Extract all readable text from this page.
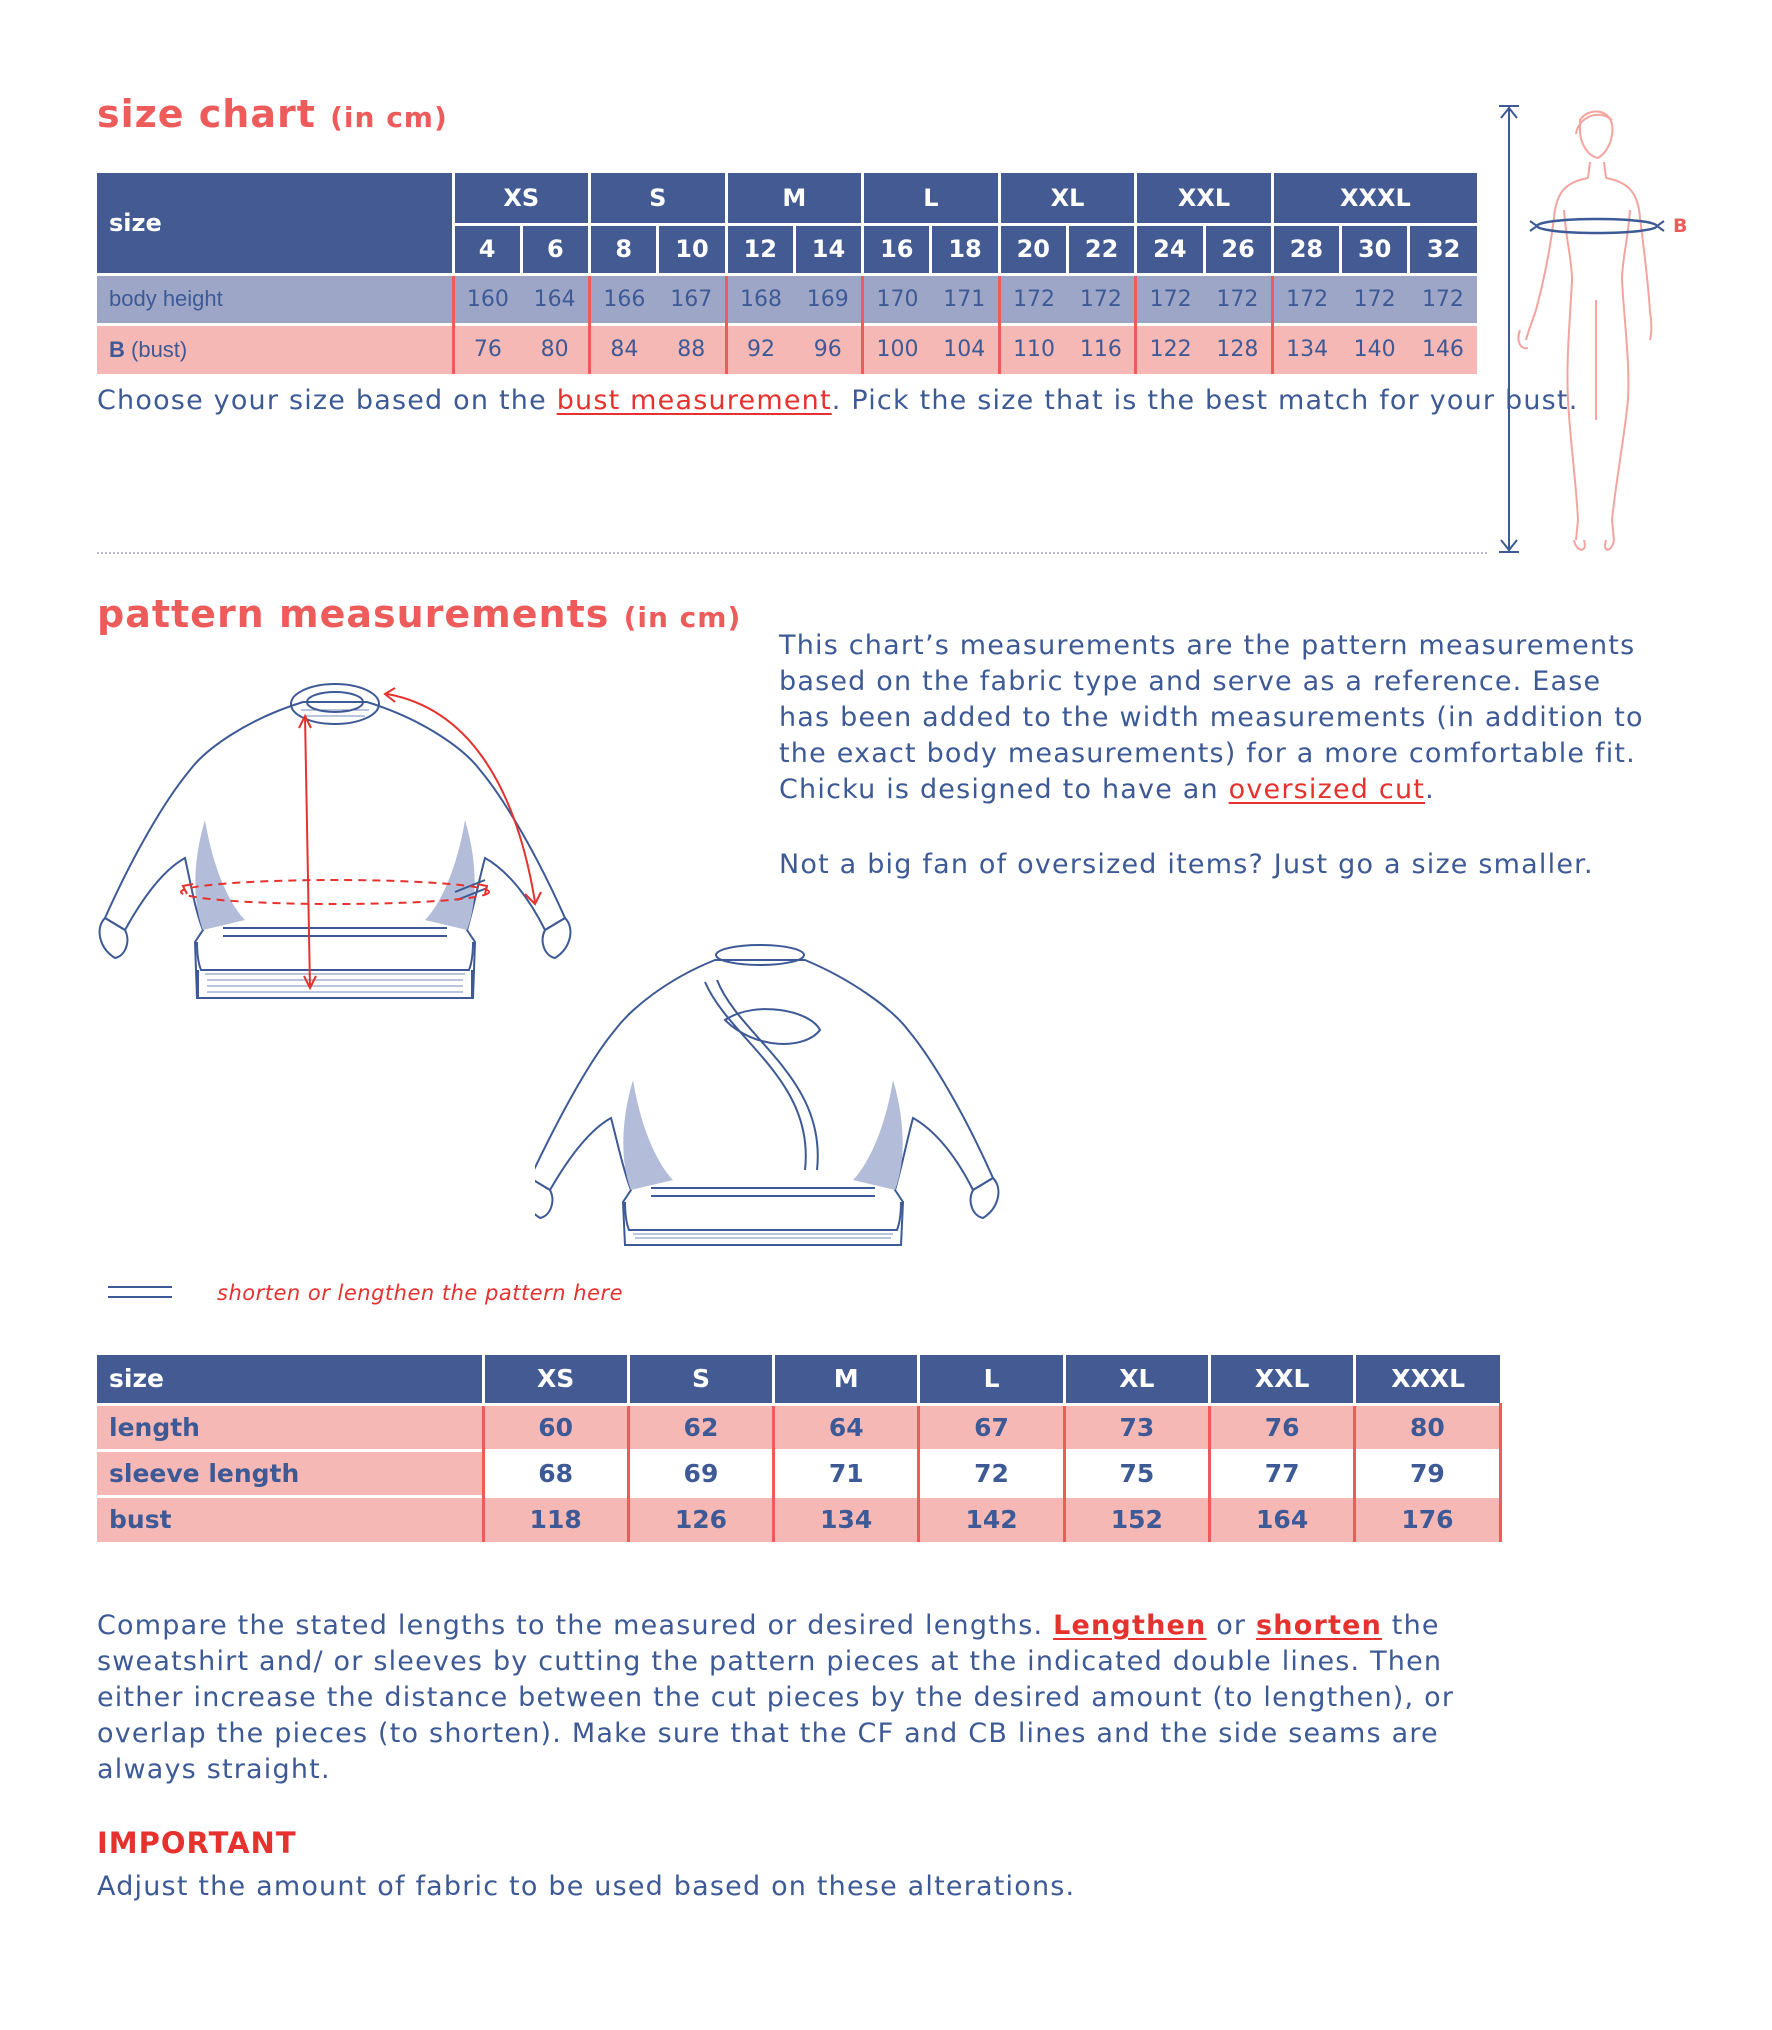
size chart (in cm)
size	XS		S		M		L		XL		XXL		XXXL		
	4	6	8	10	12	14	16	18	20	22	24	26	28	30	32
body height	160	164	166	167	168	169	170	171	172	172	172	172	172	172	172
B (bust)	76	80	84	88	92	96	100	104	110	116	122	128	134	140	146
Choose your size based on the bust measurement. Pick the size that is the best match for your bust.
B
pattern measurements (in cm)
This chart’s measurements are the pattern measurements based on the fabric type and serve as a reference. Ease has been added to the width measurements (in addition to the exact body measurements) for a more comfortable fit. Chicku is designed to have an oversized cut.
Not a big fan of oversized items? Just go a size smaller.
shorten or lengthen the pattern here
size	XS	S	M	L	XL	XXL	XXXL
length	60	62	64	67	73	76	80
sleeve length	68	69	71	72	75	77	79
bust	118	126	134	142	152	164	176
Compare the stated lengths to the measured or desired lengths. Lengthen or shorten the sweatshirt and/ or sleeves by cutting the pattern pieces at the indicated double lines. Then either increase the distance between the cut pieces by the desired amount (to lengthen), or overlap the pieces (to shorten). Make sure that the CF and CB lines and the side seams are always straight.
IMPORTANT
Adjust the amount of fabric to be used based on these alterations.
